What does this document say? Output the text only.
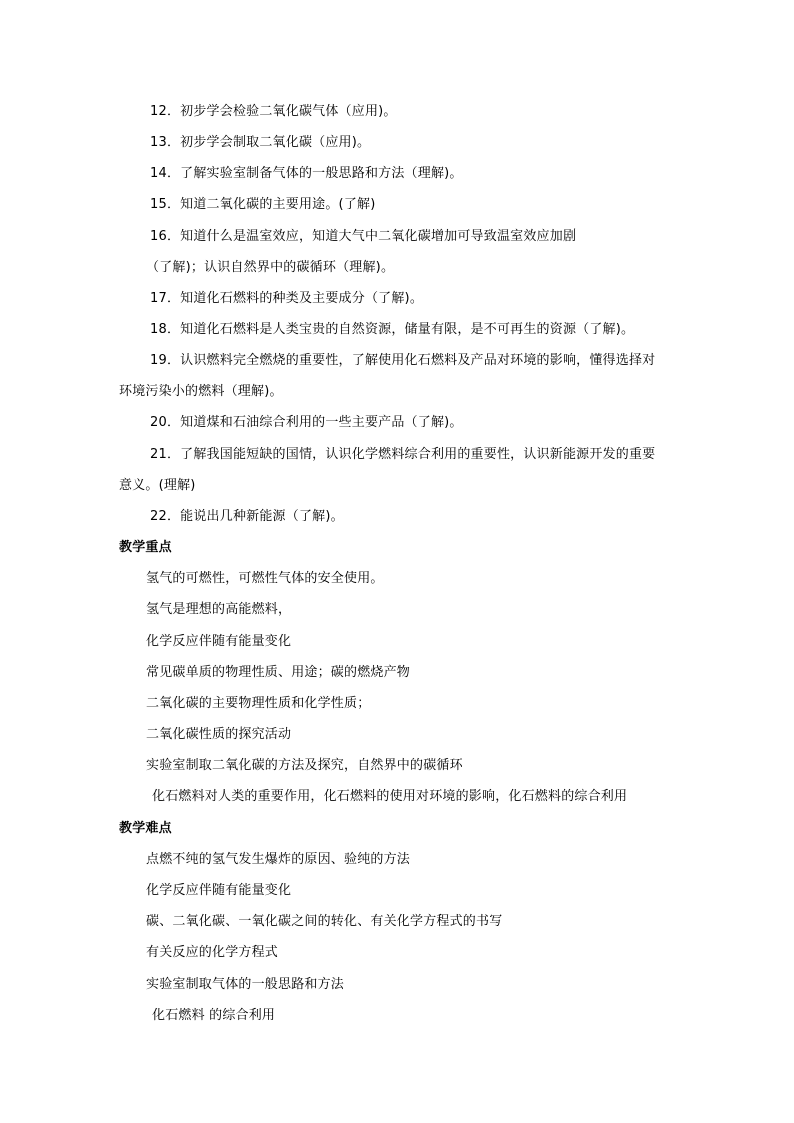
12．初步学会检验二氧化碳气体（应用)。
13．初步学会制取二氧化碳（应用)。
14．了解实验室制备气体的一般思路和方法（理解)。
15．知道二氧化碳的主要用途。(了解)
16．知道什么是温室效应，知道大气中二氧化碳增加可导致温室效应加剧
（了解)；认识自然界中的碳循环（理解)。
17．知道化石燃料的种类及主要成分（了解)。
18．知道化石燃料是人类宝贵的自然资源，储量有限，是不可再生的资源（了解)。
19．认识燃料完全燃烧的重要性，了解使用化石燃料及产品对环境的影响，懂得选择对
环境污染小的燃料（理解)。
20．知道煤和石油综合利用的一些主要产品（了解)。
21．了解我国能短缺的国情，认识化学燃料综合利用的重要性，认识新能源开发的重要
意义。(理解)
22．能说出几种新能源（了解)。
教学重点
氢气的可燃性，可燃性气体的安全使用。
氢气是理想的高能燃料，
化学反应伴随有能量变化
常见碳单质的物理性质、用途；碳的燃烧产物
二氧化碳的主要物理性质和化学性质；
二氧化碳性质的探究活动
实验室制取二氧化碳的方法及探究，自然界中的碳循环
化石燃料对人类的重要作用，化石燃料的使用对环境的影响，化石燃料的综合利用
教学难点
点燃不纯的氢气发生爆炸的原因、验纯的方法
化学反应伴随有能量变化
碳、二氧化碳、一氧化碳之间的转化、有关化学方程式的书写
有关反应的化学方程式
实验室制取气体的一般思路和方法
化石燃料 的综合利用
